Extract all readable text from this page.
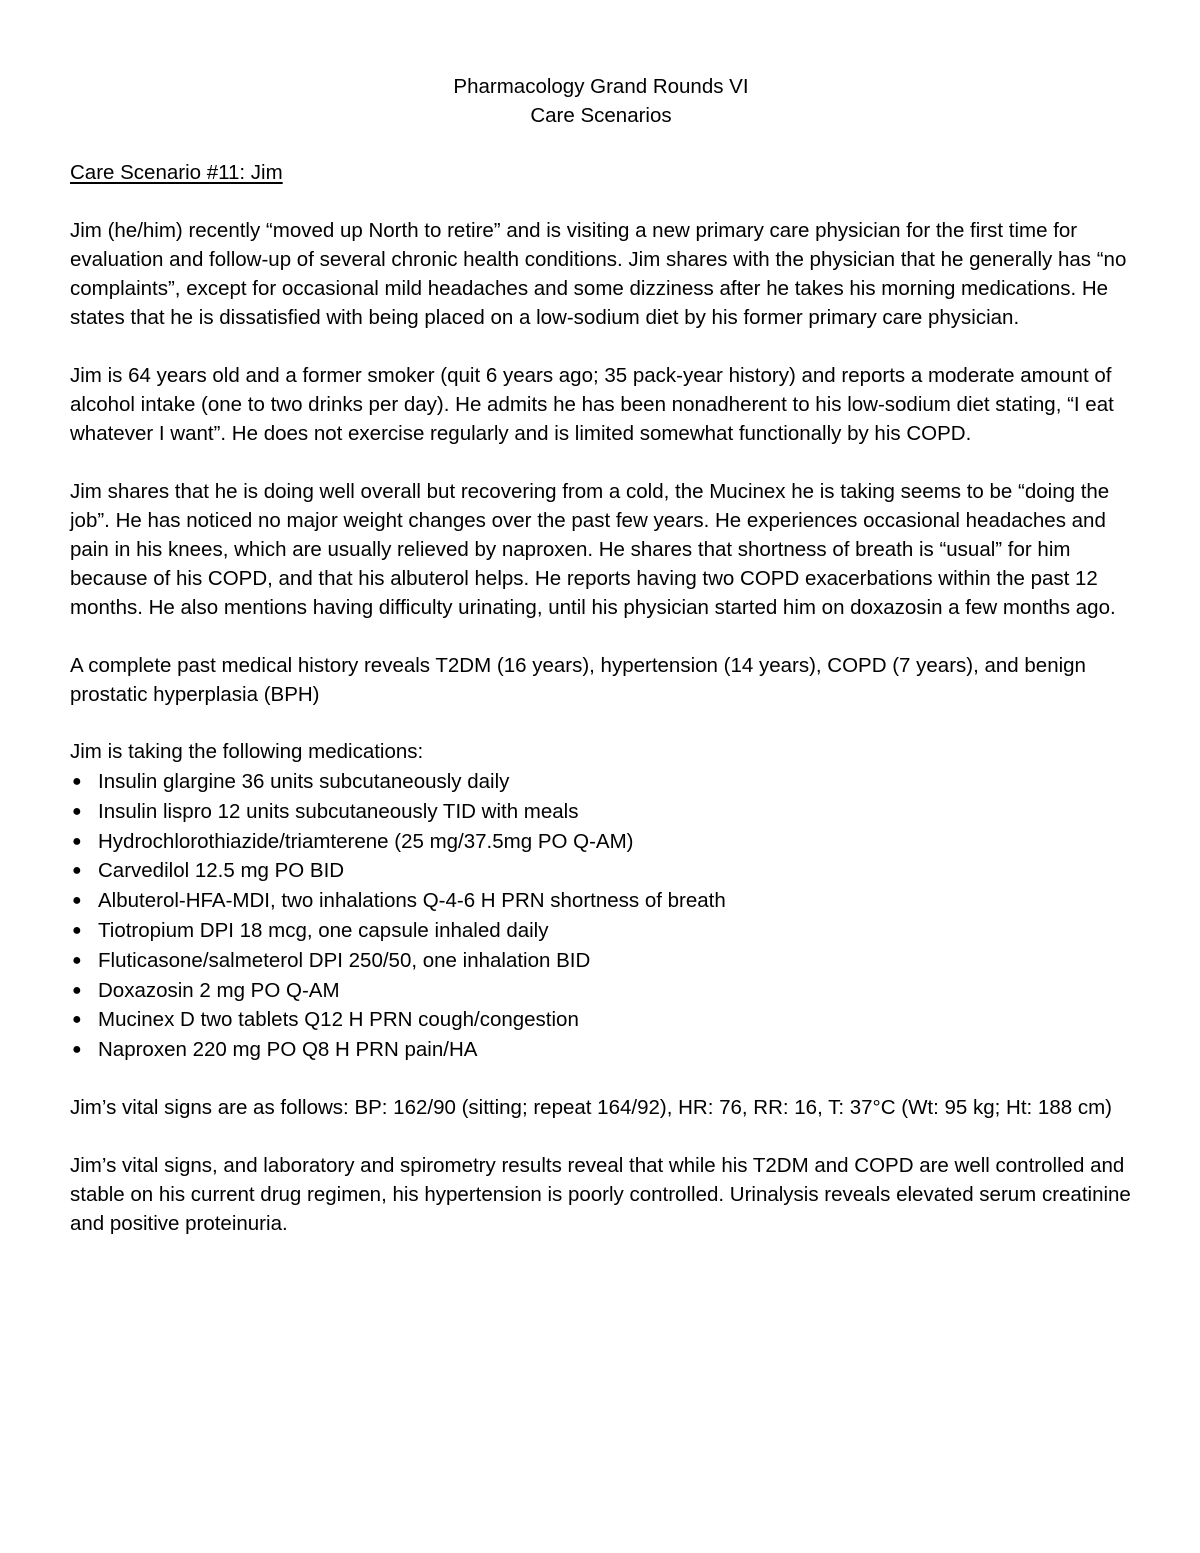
Pharmacology Grand Rounds VI
Care Scenarios

Care Scenario #11: Jim

Jim (he/him) recently “moved up North to retire” and is visiting a new primary care physician for the first time for evaluation and follow-up of several chronic health conditions. Jim shares with the physician that he generally has “no complaints”, except for occasional mild headaches and some dizziness after he takes his morning medications. He states that he is dissatisfied with being placed on a low-sodium diet by his former primary care physician.

Jim is 64 years old and a former smoker (quit 6 years ago; 35 pack-year history) and reports a moderate amount of alcohol intake (one to two drinks per day). He admits he has been nonadherent to his low-sodium diet stating, “I eat whatever I want”. He does not exercise regularly and is limited somewhat functionally by his COPD.

Jim shares that he is doing well overall but recovering from a cold, the Mucinex he is taking seems to be “doing the job”. He has noticed no major weight changes over the past few years. He experiences occasional headaches and pain in his knees, which are usually relieved by naproxen. He shares that shortness of breath is “usual” for him because of his COPD, and that his albuterol helps. He reports having two COPD exacerbations within the past 12 months. He also mentions having difficulty urinating, until his physician started him on doxazosin a few months ago.

A complete past medical history reveals T2DM (16 years), hypertension (14 years), COPD (7 years), and benign prostatic hyperplasia (BPH)

Jim is taking the following medications:

● Insulin glargine 36 units subcutaneously daily
● Insulin lispro 12 units subcutaneously TID with meals
● Hydrochlorothiazide/triamterene (25 mg/37.5mg PO Q-AM)
● Carvedilol 12.5 mg PO BID
● Albuterol-HFA-MDI, two inhalations Q-4-6 H PRN shortness of breath
● Tiotropium DPI 18 mcg, one capsule inhaled daily
● Fluticasone/salmeterol DPI 250/50, one inhalation BID
● Doxazosin 2 mg PO Q-AM
● Mucinex D two tablets Q12 H PRN cough/congestion
● Naproxen 220 mg PO Q8 H PRN pain/HA

Jim’s vital signs are as follows: BP: 162/90 (sitting; repeat 164/92), HR: 76, RR: 16, T: 37°C (Wt: 95 kg; Ht: 188 cm)

Jim’s vital signs, and laboratory and spirometry results reveal that while his T2DM and COPD are well controlled and stable on his current drug regimen, his hypertension is poorly controlled. Urinalysis reveals elevated serum creatinine and positive proteinuria.
